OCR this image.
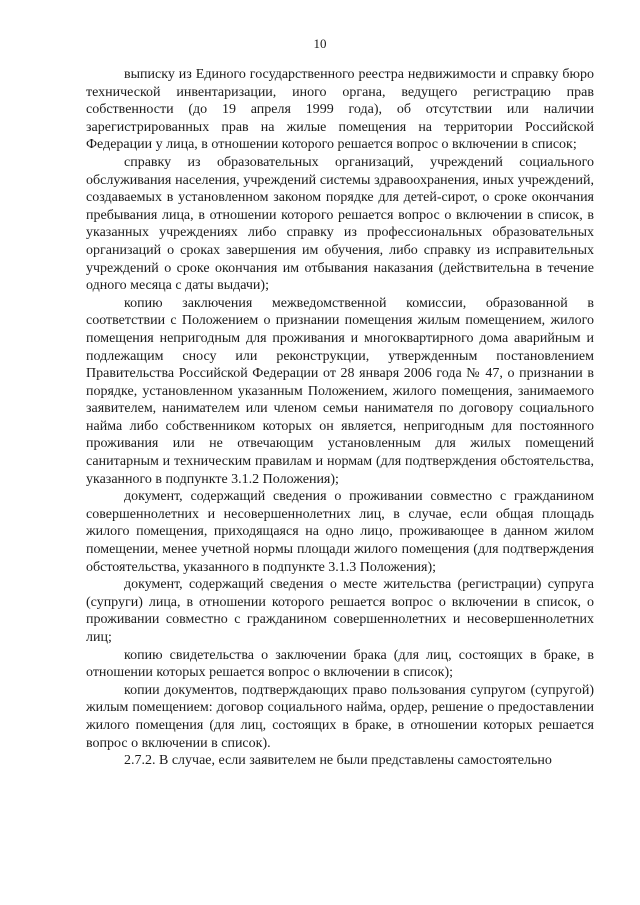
10

выписку из Единого государственного реестра недвижимости и справку бюро технической инвентаризации, иного органа, ведущего регистрацию прав собственности (до 19 апреля 1999 года), об отсутствии или наличии зарегистрированных прав на жилые помещения на территории Российской Федерации у лица, в отношении которого решается вопрос о включении в список;

справку из образовательных организаций, учреждений социального обслуживания населения, учреждений системы здравоохранения, иных учреждений, создаваемых в установленном законом порядке для детей-сирот, о сроке окончания пребывания лица, в отношении которого решается вопрос о включении в список, в указанных учреждениях либо справку из профессиональных образовательных организаций о сроках завершения им обучения, либо справку из исправительных учреждений о сроке окончания им отбывания наказания (действительна в течение одного месяца с даты выдачи);

копию заключения межведомственной комиссии, образованной в соответствии с Положением о признании помещения жилым помещением, жилого помещения непригодным для проживания и многоквартирного дома аварийным и подлежащим сносу или реконструкции, утвержденным постановлением Правительства Российской Федерации от 28 января 2006 года № 47, о признании в порядке, установленном указанным Положением, жилого помещения, занимаемого заявителем, нанимателем или членом семьи нанимателя по договору социального найма либо собственником которых он является, непригодным для постоянного проживания или не отвечающим установленным для жилых помещений санитарным и техническим правилам и нормам (для подтверждения обстоятельства, указанного в подпункте 3.1.2 Положения);

документ, содержащий сведения о проживании совместно с гражданином совершеннолетних и несовершеннолетних лиц, в случае, если общая площадь жилого помещения, приходящаяся на одно лицо, проживающее в данном жилом помещении, менее учетной нормы площади жилого помещения (для подтверждения обстоятельства, указанного в подпункте 3.1.3 Положения);

документ, содержащий сведения о месте жительства (регистрации) супруга (супруги) лица, в отношении которого решается вопрос о включении в список, о проживании совместно с гражданином совершеннолетних и несовершеннолетних лиц;

копию свидетельства о заключении брака (для лиц, состоящих в браке, в отношении которых решается вопрос о включении в список);

копии документов, подтверждающих право пользования супругом (супругой) жилым помещением: договор социального найма, ордер, решение о предоставлении жилого помещения (для лиц, состоящих в браке, в отношении которых решается вопрос о включении в список).

2.7.2. В случае, если заявителем не были представлены самостоятельно
